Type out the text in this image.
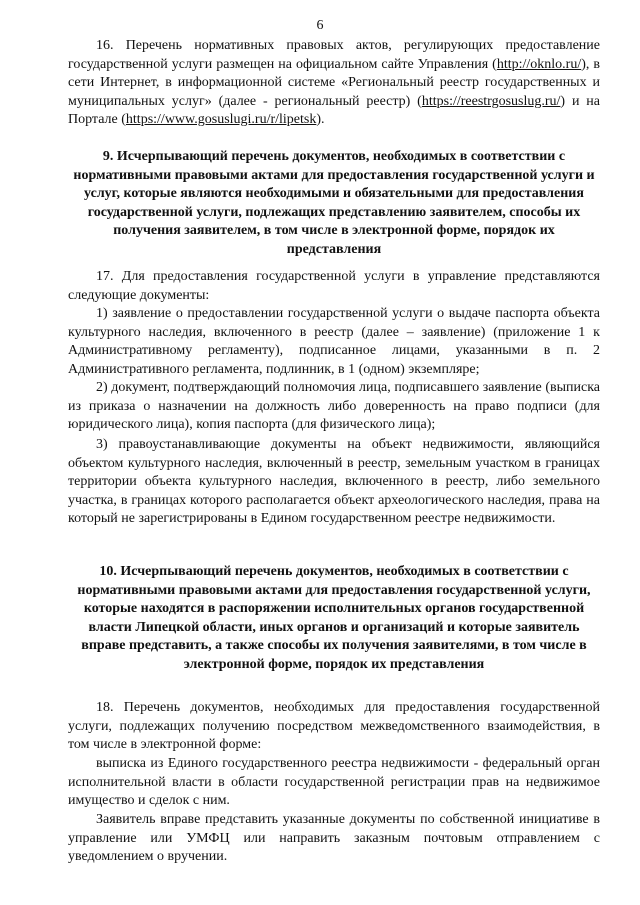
6

16. Перечень нормативных правовых актов, регулирующих предоставление государственной услуги размещен на официальном сайте Управления (http://oknlo.ru/), в сети Интернет, в информационной системе «Региональный реестр государственных и муниципальных услуг» (далее - региональный реестр) (https://reestrgosuslug.ru/) и на Портале (https://www.gosuslugi.ru/r/lipetsk).

9. Исчерпывающий перечень документов, необходимых в соответствии с нормативными правовыми актами для предоставления государственной услуги и услуг, которые являются необходимыми и обязательными для предоставления государственной услуги, подлежащих представлению заявителем, способы их получения заявителем, в том числе в электронной форме, порядок их представления

17. Для предоставления государственной услуги в управление представляются следующие документы:

1) заявление о предоставлении государственной услуги о выдаче паспорта объекта культурного наследия, включенного в реестр (далее – заявление) (приложение 1 к Административному регламенту), подписанное лицами, указанными в п. 2 Административного регламента, подлинник, в 1 (одном) экземпляре;

2) документ, подтверждающий полномочия лица, подписавшего заявление (выписка из приказа о назначении на должность либо доверенность на право подписи (для юридического лица), копия паспорта (для физического лица);

3) правоустанавливающие документы на объект недвижимости, являющийся объектом культурного наследия, включенный в реестр, земельным участком в границах территории объекта культурного наследия, включенного в реестр, либо земельного участка, в границах которого располагается объект археологического наследия, права на который не зарегистрированы в Едином государственном реестре недвижимости.

10. Исчерпывающий перечень документов, необходимых в соответствии с нормативными правовыми актами для предоставления государственной услуги, которые находятся в распоряжении исполнительных органов государственной власти Липецкой области, иных органов и организаций и которые заявитель вправе представить, а также способы их получения заявителями, в том числе в электронной форме, порядок их представления

18. Перечень документов, необходимых для предоставления государственной услуги, подлежащих получению посредством межведомственного взаимодействия, в том числе в электронной форме:

выписка из Единого государственного реестра недвижимости - федеральный орган исполнительной власти в области государственной регистрации прав на недвижимое имущество и сделок с ним.

Заявитель вправе представить указанные документы по собственной инициативе в управление или УМФЦ или направить заказным почтовым отправлением с уведомлением о вручении.
